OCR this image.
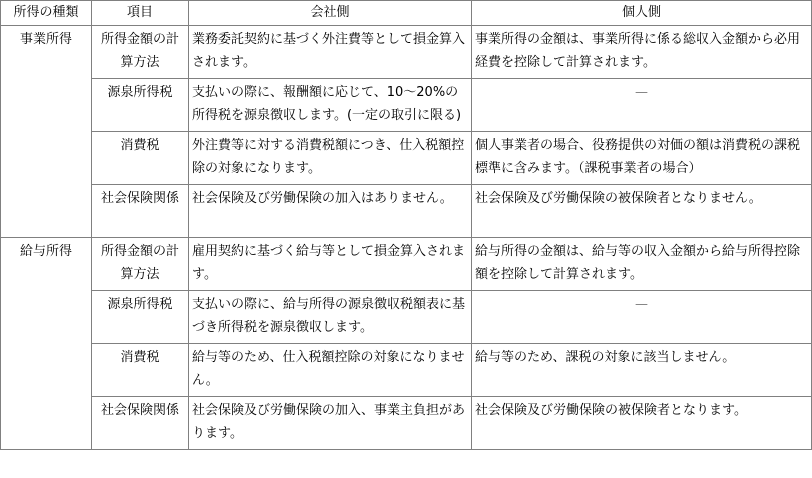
所得の種類	項目	会社側	個人側
事業所得	所得金額の計算方法	業務委託契約に基づく外注費等として損金算入されます。	事業所得の金額は、事業所得に係る総収入金額から必用経費を控除して計算されます。
	源泉所得税	支払いの際に、報酬額に応じて、10～20%の所得税を源泉徴収します。(一定の取引に限る)	—
	消費税	外注費等に対する消費税額につき、仕入税額控除の対象になります。	個人事業者の場合、役務提供の対価の額は消費税の課税標準に含みます。（課税事業者の場合）
	社会保険関係	社会保険及び労働保険の加入はありません。	社会保険及び労働保険の被保険者となりません。
給与所得	所得金額の計算方法	雇用契約に基づく給与等として損金算入されます。	給与所得の金額は、給与等の収入金額から給与所得控除額を控除して計算されます。
	源泉所得税	支払いの際に、給与所得の源泉徴収税額表に基づき所得税を源泉徴収します。	—
	消費税	給与等のため、仕入税額控除の対象になりません。	給与等のため、課税の対象に該当しません。
	社会保険関係	社会保険及び労働保険の加入、事業主負担があります。	社会保険及び労働保険の被保険者となります。
